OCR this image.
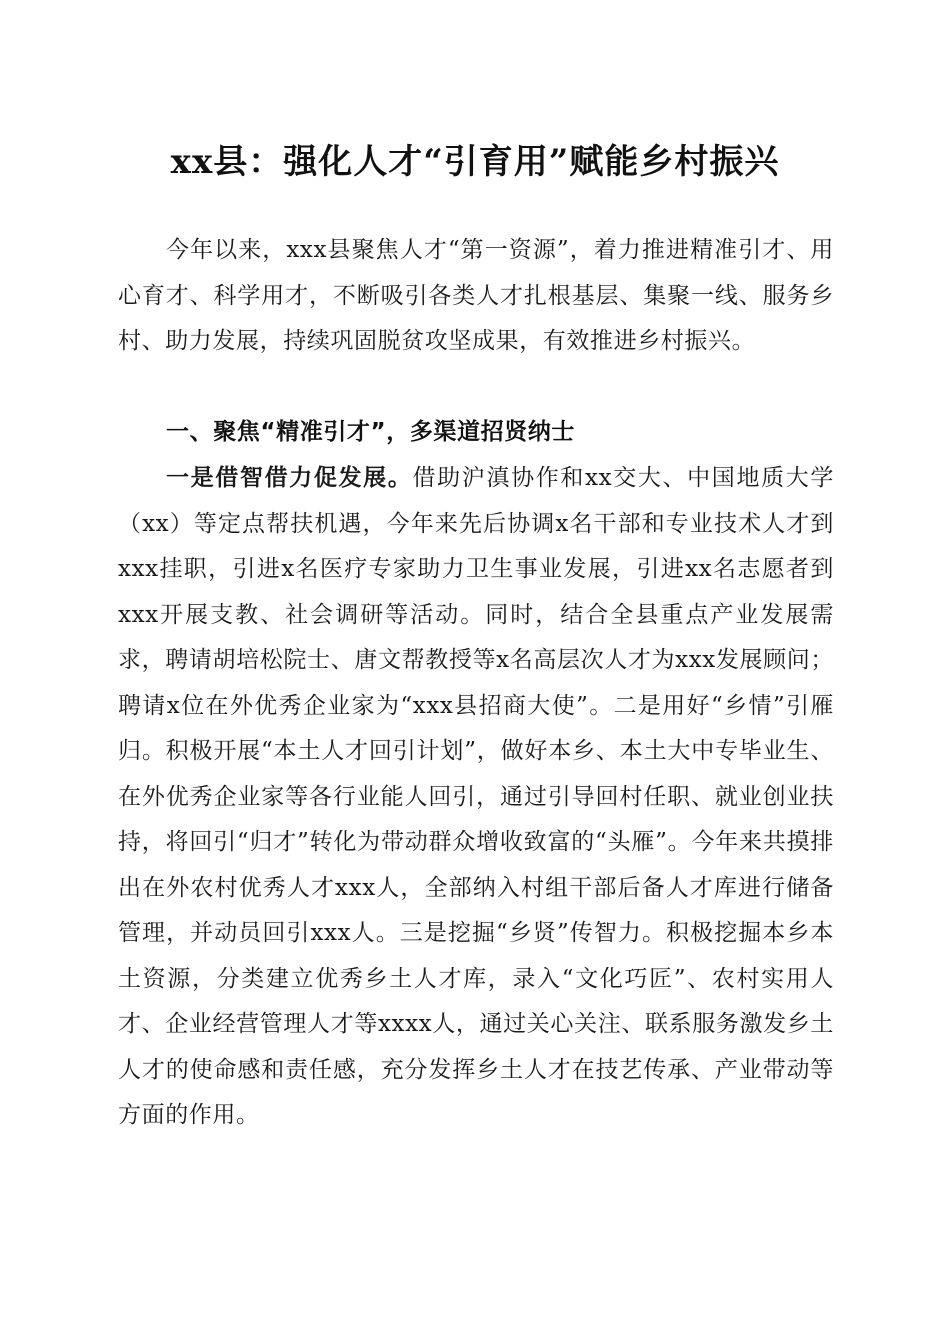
xx县：强化人才“引育用”赋能乡村振兴

今年以来，xxx县聚焦人才“第一资源”，着力推进精准引才、用心育才、科学用才，不断吸引各类人才扎根基层、集聚一线、服务乡村、助力发展，持续巩固脱贫攻坚成果，有效推进乡村振兴。

一、聚焦“精准引才”，多渠道招贤纳士

一是借智借力促发展。借助沪滇协作和xx交大、中国地质大学（xx）等定点帮扶机遇，今年来先后协调x名干部和专业技术人才到xxx挂职，引进x名医疗专家助力卫生事业发展，引进xx名志愿者到xxx开展支教、社会调研等活动。同时，结合全县重点产业发展需求，聘请胡培松院士、唐文帮教授等x名高层次人才为xxx发展顾问；聘请x位在外优秀企业家为“xxx县招商大使”。二是用好“乡情”引雁归。积极开展“本土人才回引计划”，做好本乡、本土大中专毕业生、在外优秀企业家等各行业能人回引，通过引导回村任职、就业创业扶持，将回引“归才”转化为带动群众增收致富的“头雁”。今年来共摸排出在外农村优秀人才xxx人，全部纳入村组干部后备人才库进行储备管理，并动员回引xxx人。三是挖掘“乡贤”传智力。积极挖掘本乡本土资源，分类建立优秀乡土人才库，录入“文化巧匠”、农村实用人才、企业经营管理人才等xxxx人，通过关心关注、联系服务激发乡土人才的使命感和责任感，充分发挥乡土人才在技艺传承、产业带动等方面的作用。
